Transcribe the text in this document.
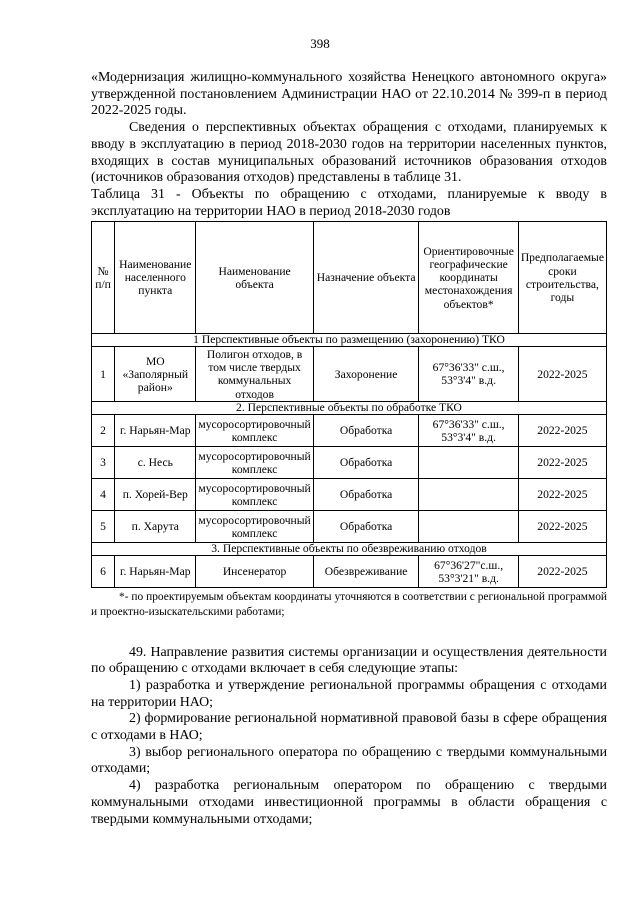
398

«Модернизация жилищно-коммунального хозяйства Ненецкого автономного округа» утвержденной постановлением Администрации НАО от 22.10.2014 № 399-п в период 2022-2025 годы.

Сведения о перспективных объектах обращения с отходами, планируемых к вводу в эксплуатацию в период 2018-2030 годов на территории населенных пунктов, входящих в состав муниципальных образований источников образования отходов (источников образования отходов) представлены в таблице 31.

Таблица 31 - Объекты по обращению с отходами, планируемые к вводу в эксплуатацию на территории НАО в период 2018-2030 годов

№ п/п	Наименование населенного пункта	Наименование объекта	Назначение объекта	Ориентировочные географические координаты местонахождения объектов*	Предполагаемые сроки строительства, годы
1 Перспективные объекты по размещению (захоронению) ТКО					
1	МО «Заполярный район»	Полигон отходов, в том числе твердых коммунальных отходов	Захоронение	67°36'33" с.ш., 53°3'4" в.д.	2022-2025
2. Перспективные объекты по обработке ТКО					
2	г. Нарьян-Мар	мусоросортировочный комплекс	Обработка	67°36'33" с.ш., 53°3'4" в.д.	2022-2025
3	с. Несь	мусоросортировочный комплекс	Обработка		2022-2025
4	п. Хорей-Вер	мусоросортировочный комплекс	Обработка		2022-2025
5	п. Харута	мусоросортировочный комплекс	Обработка		2022-2025
3. Перспективные объекты по обезвреживанию отходов					
6	г. Нарьян-Мар	Инсенератор	Обезвреживание	67°36'27"с.ш., 53°3'21" в.д.	2022-2025

*- по проектируемым объектам координаты уточняются в соответствии с региональной программой и проектно-изыскательскими работами;

49. Направление развития системы организации и осуществления деятельности по обращению с отходами включает в себя следующие этапы:

1) разработка и утверждение региональной программы обращения с отходами на территории НАО;

2) формирование региональной нормативной правовой базы в сфере обращения с отходами в НАО;

3) выбор регионального оператора по обращению с твердыми коммунальными отходами;

4) разработка региональным оператором по обращению с твердыми коммунальными отходами инвестиционной программы в области обращения с твердыми коммунальными отходами;
